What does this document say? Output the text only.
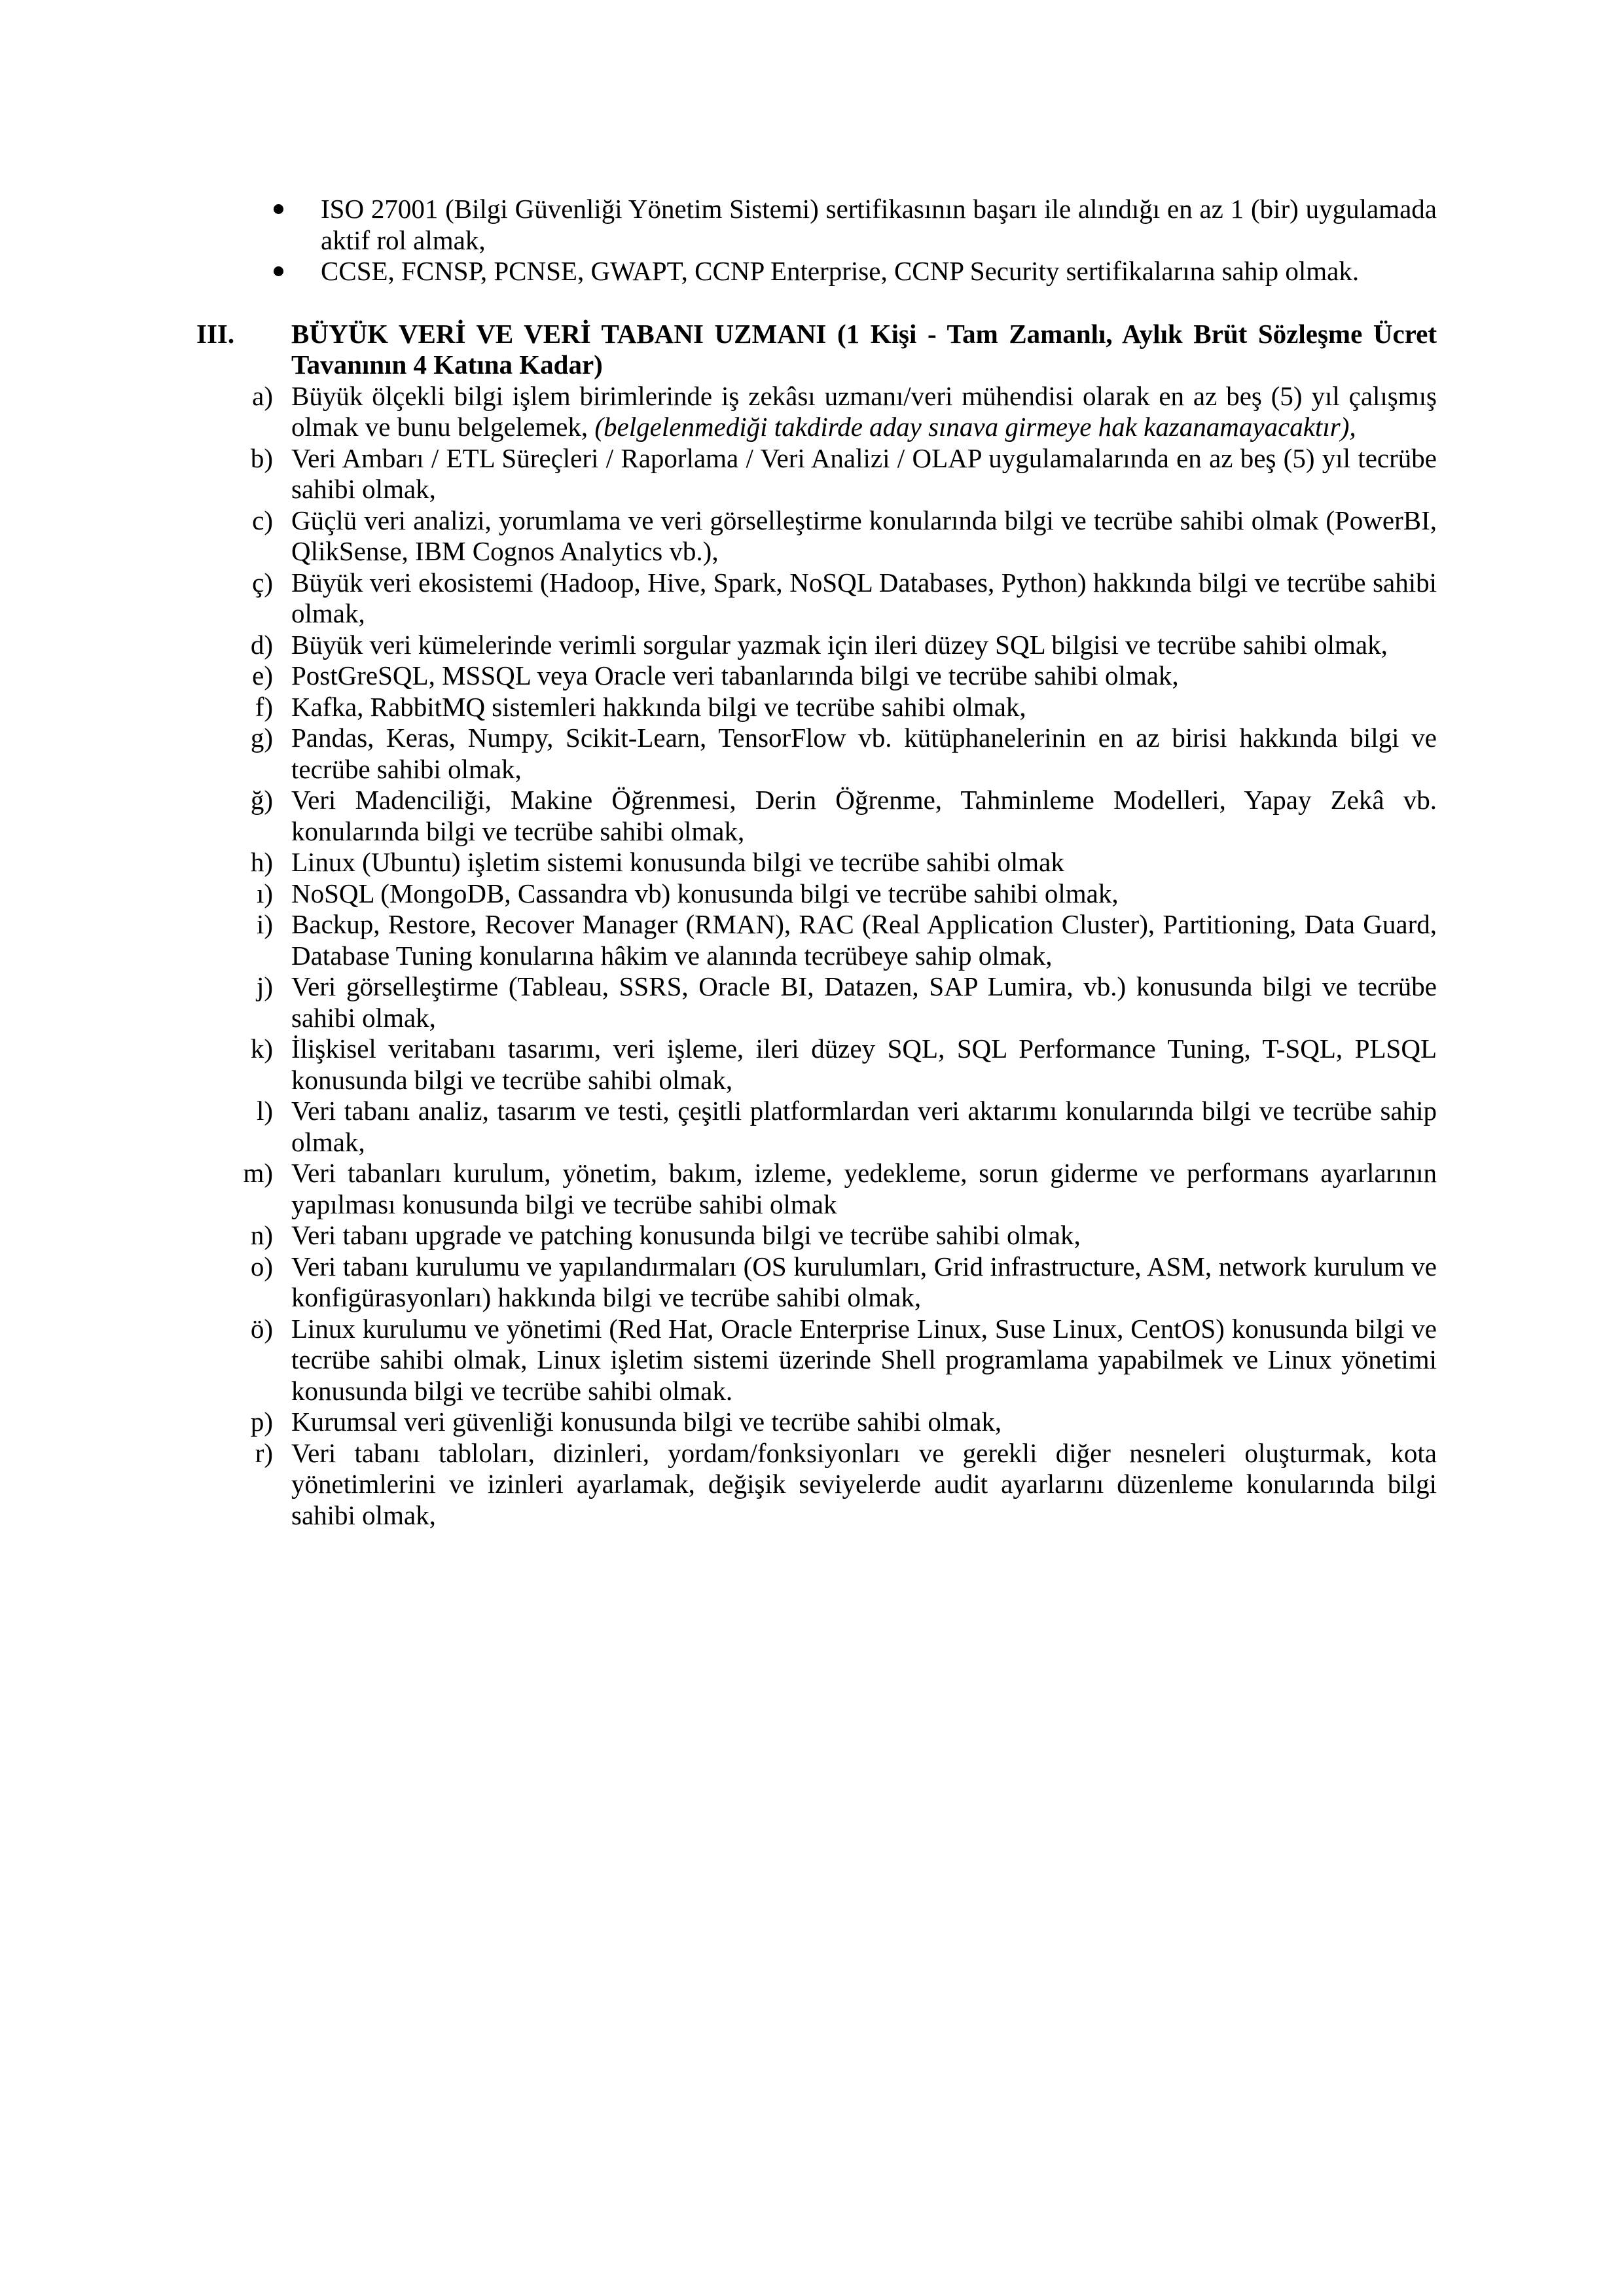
ISO 27001 (Bilgi Güvenliği Yönetim Sistemi) sertifikasının başarı ile alındığı en az 1 (bir) uygulamada aktif rol almak,
CCSE, FCNSP, PCNSE, GWAPT, CCNP Enterprise, CCNP Security sertifikalarına sahip olmak.
III.	BÜYÜK VERİ VE VERİ TABANI UZMANI (1 Kişi - Tam Zamanlı, Aylık Brüt Sözleşme Ücret Tavanının 4 Katına Kadar)
a) Büyük ölçekli bilgi işlem birimlerinde iş zekâsı uzmanı/veri mühendisi olarak en az beş (5) yıl çalışmış olmak ve bunu belgelemek, (belgelenmediği takdirde aday sınava girmeye hak kazanamayacaktır),
b) Veri Ambarı / ETL Süreçleri / Raporlama / Veri Analizi / OLAP uygulamalarında en az beş (5) yıl tecrübe sahibi olmak,
c) Güçlü veri analizi, yorumlama ve veri görselleştirme konularında bilgi ve tecrübe sahibi olmak (PowerBI, QlikSense, IBM Cognos Analytics vb.),
ç) Büyük veri ekosistemi (Hadoop, Hive, Spark, NoSQL Databases, Python) hakkında bilgi ve tecrübe sahibi olmak,
d) Büyük veri kümelerinde verimli sorgular yazmak için ileri düzey SQL bilgisi ve tecrübe sahibi olmak,
e) PostGreSQL, MSSQL veya Oracle veri tabanlarında bilgi ve tecrübe sahibi olmak,
f) Kafka, RabbitMQ sistemleri hakkında bilgi ve tecrübe sahibi olmak,
g) Pandas, Keras, Numpy, Scikit-Learn, TensorFlow vb. kütüphanelerinin en az birisi hakkında bilgi ve tecrübe sahibi olmak,
ğ) Veri Madenciliği, Makine Öğrenmesi, Derin Öğrenme, Tahminleme Modelleri, Yapay Zekâ vb. konularında bilgi ve tecrübe sahibi olmak,
h) Linux (Ubuntu) işletim sistemi konusunda bilgi ve tecrübe sahibi olmak
ı) NoSQL (MongoDB, Cassandra vb) konusunda bilgi ve tecrübe sahibi olmak,
i) Backup, Restore, Recover Manager (RMAN), RAC (Real Application Cluster), Partitioning, Data Guard, Database Tuning konularına hâkim ve alanında tecrübeye sahip olmak,
j) Veri görselleştirme (Tableau, SSRS, Oracle BI, Datazen, SAP Lumira, vb.) konusunda bilgi ve tecrübe sahibi olmak,
k) İlişkisel veritabanı tasarımı, veri işleme, ileri düzey SQL, SQL Performance Tuning, T-SQL, PLSQL konusunda bilgi ve tecrübe sahibi olmak,
l) Veri tabanı analiz, tasarım ve testi, çeşitli platformlardan veri aktarımı konularında bilgi ve tecrübe sahip olmak,
m) Veri tabanları kurulum, yönetim, bakım, izleme, yedekleme, sorun giderme ve performans ayarlarının yapılması konusunda bilgi ve tecrübe sahibi olmak
n) Veri tabanı upgrade ve patching konusunda bilgi ve tecrübe sahibi olmak,
o) Veri tabanı kurulumu ve yapılandırmaları (OS kurulumları, Grid infrastructure, ASM, network kurulum ve konfigürasyonları) hakkında bilgi ve tecrübe sahibi olmak,
ö) Linux kurulumu ve yönetimi (Red Hat, Oracle Enterprise Linux, Suse Linux, CentOS) konusunda bilgi ve tecrübe sahibi olmak, Linux işletim sistemi üzerinde Shell programlama yapabilmek ve Linux yönetimi konusunda bilgi ve tecrübe sahibi olmak.
p) Kurumsal veri güvenliği konusunda bilgi ve tecrübe sahibi olmak,
r) Veri tabanı tabloları, dizinleri, yordam/fonksiyonları ve gerekli diğer nesneleri oluşturmak, kota yönetimlerini ve izinleri ayarlamak, değişik seviyelerde audit ayarlarını düzenleme konularında bilgi sahibi olmak,
